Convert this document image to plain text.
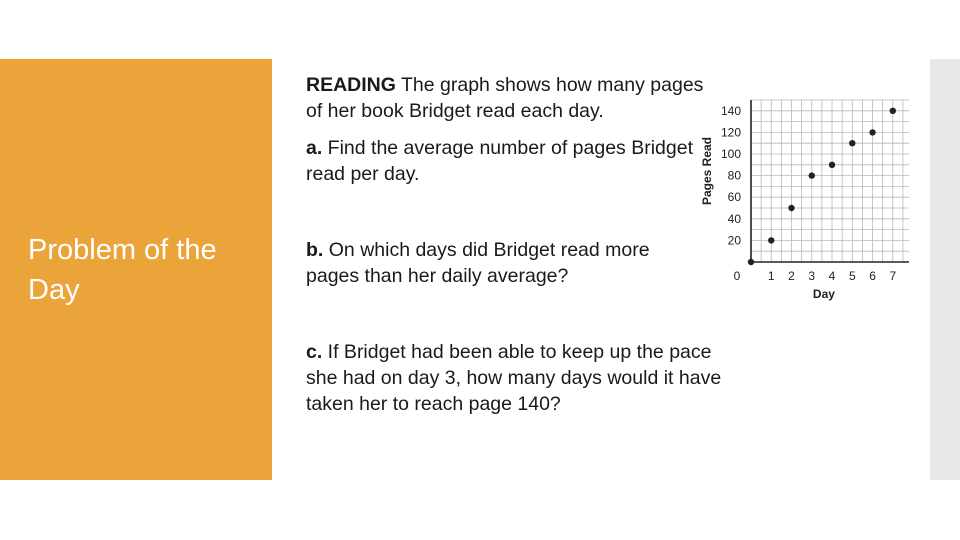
Problem of the Day
READING The graph shows how many pages of her book Bridget read each day.
a. Find the average number of pages Bridget read per day.
b. On which days did Bridget read more pages than her daily average?
c. If Bridget had been able to keep up the pace she had on day 3, how many days would it have taken her to reach page 140?
20
40
60
80
100
120
140
0 1 2 3 4 5 6 7
Day
Pages Read
